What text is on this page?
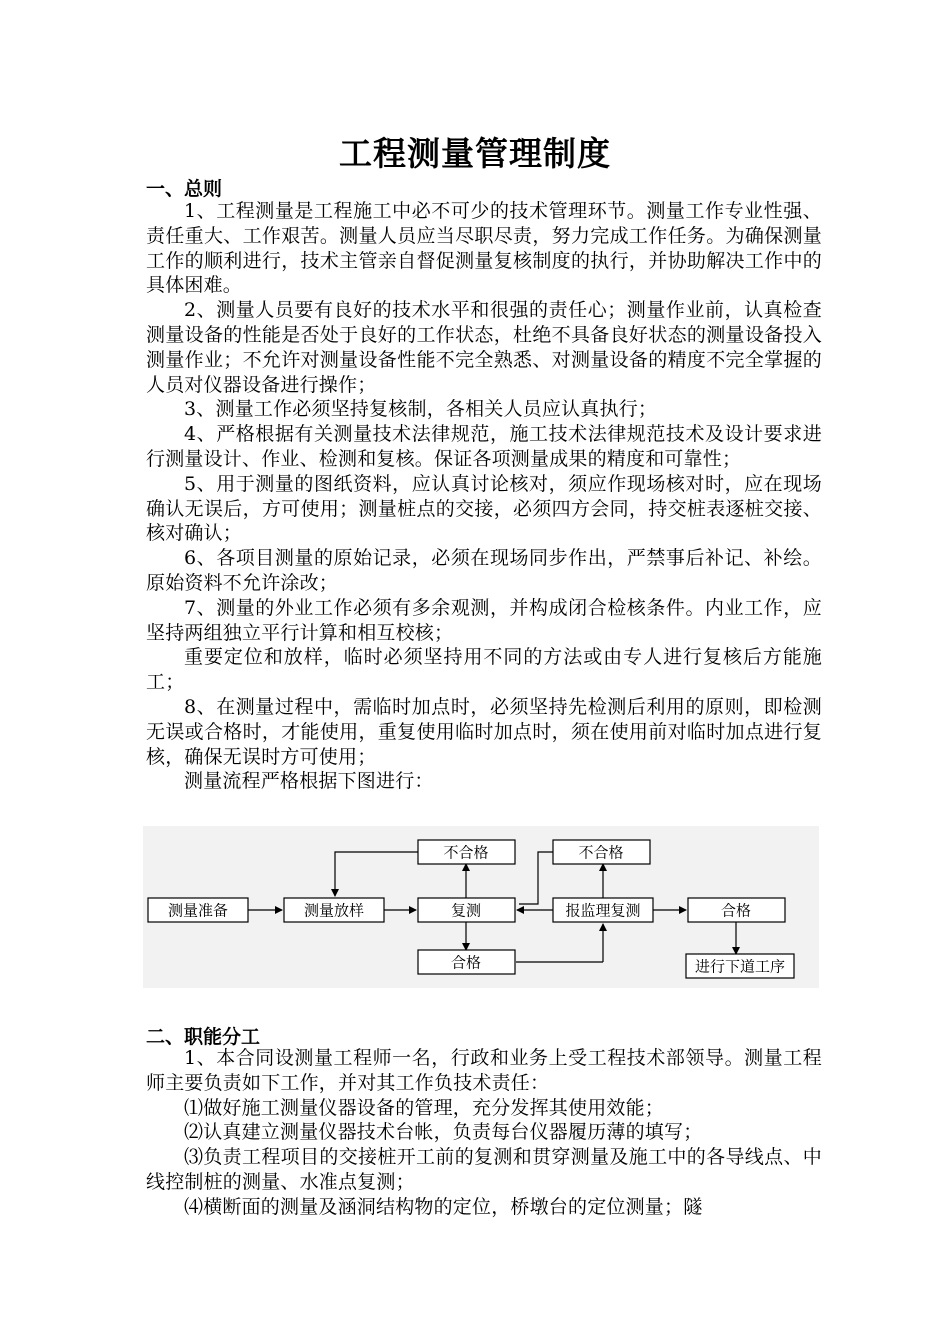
工程测量管理制度
一、总则

1、工程测量是工程施工中必不可少的技术管理环节。测量工作专业性强、责任重大、工作艰苦。测量人员应当尽职尽责，努力完成工作任务。为确保测量工作的顺利进行，技术主管亲自督促测量复核制度的执行，并协助解决工作中的具体困难。

2、测量人员要有良好的技术水平和很强的责任心；测量作业前，认真检查测量设备的性能是否处于良好的工作状态，杜绝不具备良好状态的测量设备投入测量作业；不允许对测量设备性能不完全熟悉、对测量设备的精度不完全掌握的人员对仪器设备进行操作；

3、测量工作必须坚持复核制，各相关人员应认真执行；

4、严格根据有关测量技术法律规范，施工技术法律规范技术及设计要求进行测量设计、作业、检测和复核。保证各项测量成果的精度和可靠性；

5、用于测量的图纸资料，应认真讨论核对，须应作现场核对时，应在现场确认无误后，方可使用；测量桩点的交接，必须四方会同，持交桩表逐桩交接、核对确认；

6、各项目测量的原始记录，必须在现场同步作出，严禁事后补记、补绘。原始资料不允许涂改；

7、测量的外业工作必须有多余观测，并构成闭合检核条件。内业工作，应坚持两组独立平行计算和相互校核；

重要定位和放样，临时必须坚持用不同的方法或由专人进行复核后方能施工；

8、在测量过程中，需临时加点时，必须坚持先检测后利用的原则，即检测无误或合格时，才能使用，重复使用临时加点时，须在使用前对临时加点进行复核，确保无误时方可使用；

测量流程严格根据下图进行：

测量准备	测量放样	复测
不合格
合格
报监理复测
不合格
合格
进行下道工序
二、职能分工

1、本合同设测量工程师一名，行政和业务上受工程技术部领导。测量工程师主要负责如下工作，并对其工作负技术责任：

⑴做好施工测量仪器设备的管理，充分发挥其使用效能；

⑵认真建立测量仪器技术台帐，负责每台仪器履历薄的填写；

⑶负责工程项目的交接桩开工前的复测和贯穿测量及施工中的各导线点、中线控制桩的测量、水准点复测；

⑷横断面的测量及涵洞结构物的定位，桥墩台的定位测量；隧
